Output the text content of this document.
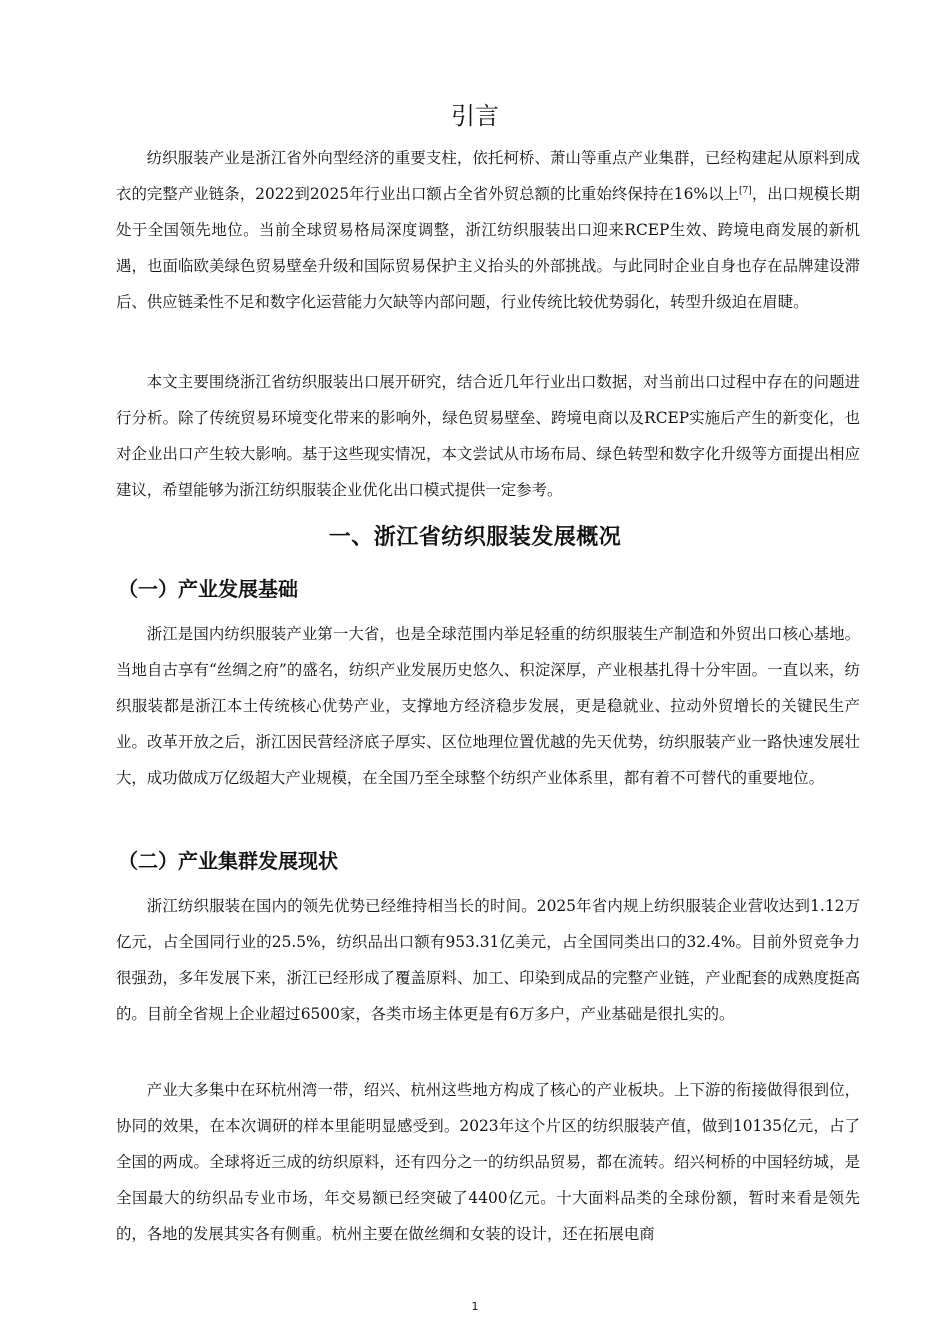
引言

纺织服装产业是浙江省外向型经济的重要支柱，依托柯桥、萧山等重点产业集群，已经构建起从原料到成衣的完整产业链条，2022到2025年行业出口额占全省外贸总额的比重始终保持在16%以上[7]，出口规模长期处于全国领先地位。当前全球贸易格局深度调整，浙江纺织服装出口迎来RCEP生效、跨境电商发展的新机遇，也面临欧美绿色贸易壁垒升级和国际贸易保护主义抬头的外部挑战。与此同时企业自身也存在品牌建设滞后、供应链柔性不足和数字化运营能力欠缺等内部问题，行业传统比较优势弱化，转型升级迫在眉睫。

本文主要围绕浙江省纺织服装出口展开研究，结合近几年行业出口数据，对当前出口过程中存在的问题进行分析。除了传统贸易环境变化带来的影响外，绿色贸易壁垒、跨境电商以及RCEP实施后产生的新变化，也对企业出口产生较大影响。基于这些现实情况，本文尝试从市场布局、绿色转型和数字化升级等方面提出相应建议，希望能够为浙江纺织服装企业优化出口模式提供一定参考。

一、浙江省纺织服装发展概况
（一）产业发展基础

浙江是国内纺织服装产业第一大省，也是全球范围内举足轻重的纺织服装生产制造和外贸出口核心基地。当地自古享有“丝绸之府”的盛名，纺织产业发展历史悠久、积淀深厚，产业根基扎得十分牢固。一直以来，纺织服装都是浙江本土传统核心优势产业，支撑地方经济稳步发展，更是稳就业、拉动外贸增长的关键民生产业。改革开放之后，浙江因民营经济底子厚实、区位地理位置优越的先天优势，纺织服装产业一路快速发展壮大，成功做成万亿级超大产业规模，在全国乃至全球整个纺织产业体系里，都有着不可替代的重要地位。

（二）产业集群发展现状

浙江纺织服装在国内的领先优势已经维持相当长的时间。2025年省内规上纺织服装企业营收达到1.12万亿元，占全国同行业的25.5%，纺织品出口额有953.31亿美元，占全国同类出口的32.4%。目前外贸竞争力很强劲，多年发展下来，浙江已经形成了覆盖原料、加工、印染到成品的完整产业链，产业配套的成熟度挺高的。目前全省规上企业超过6500家，各类市场主体更是有6万多户，产业基础是很扎实的。

产业大多集中在环杭州湾一带，绍兴、杭州这些地方构成了核心的产业板块。上下游的衔接做得很到位，协同的效果，在本次调研的样本里能明显感受到。2023年这个片区的纺织服装产值，做到10135亿元，占了全国的两成。全球将近三成的纺织原料，还有四分之一的纺织品贸易，都在流转。绍兴柯桥的中国轻纺城，是全国最大的纺织品专业市场，年交易额已经突破了4400亿元。十大面料品类的全球份额，暂时来看是领先的，各地的发展其实各有侧重。杭州主要在做丝绸和女装的设计，还在拓展电商

1
